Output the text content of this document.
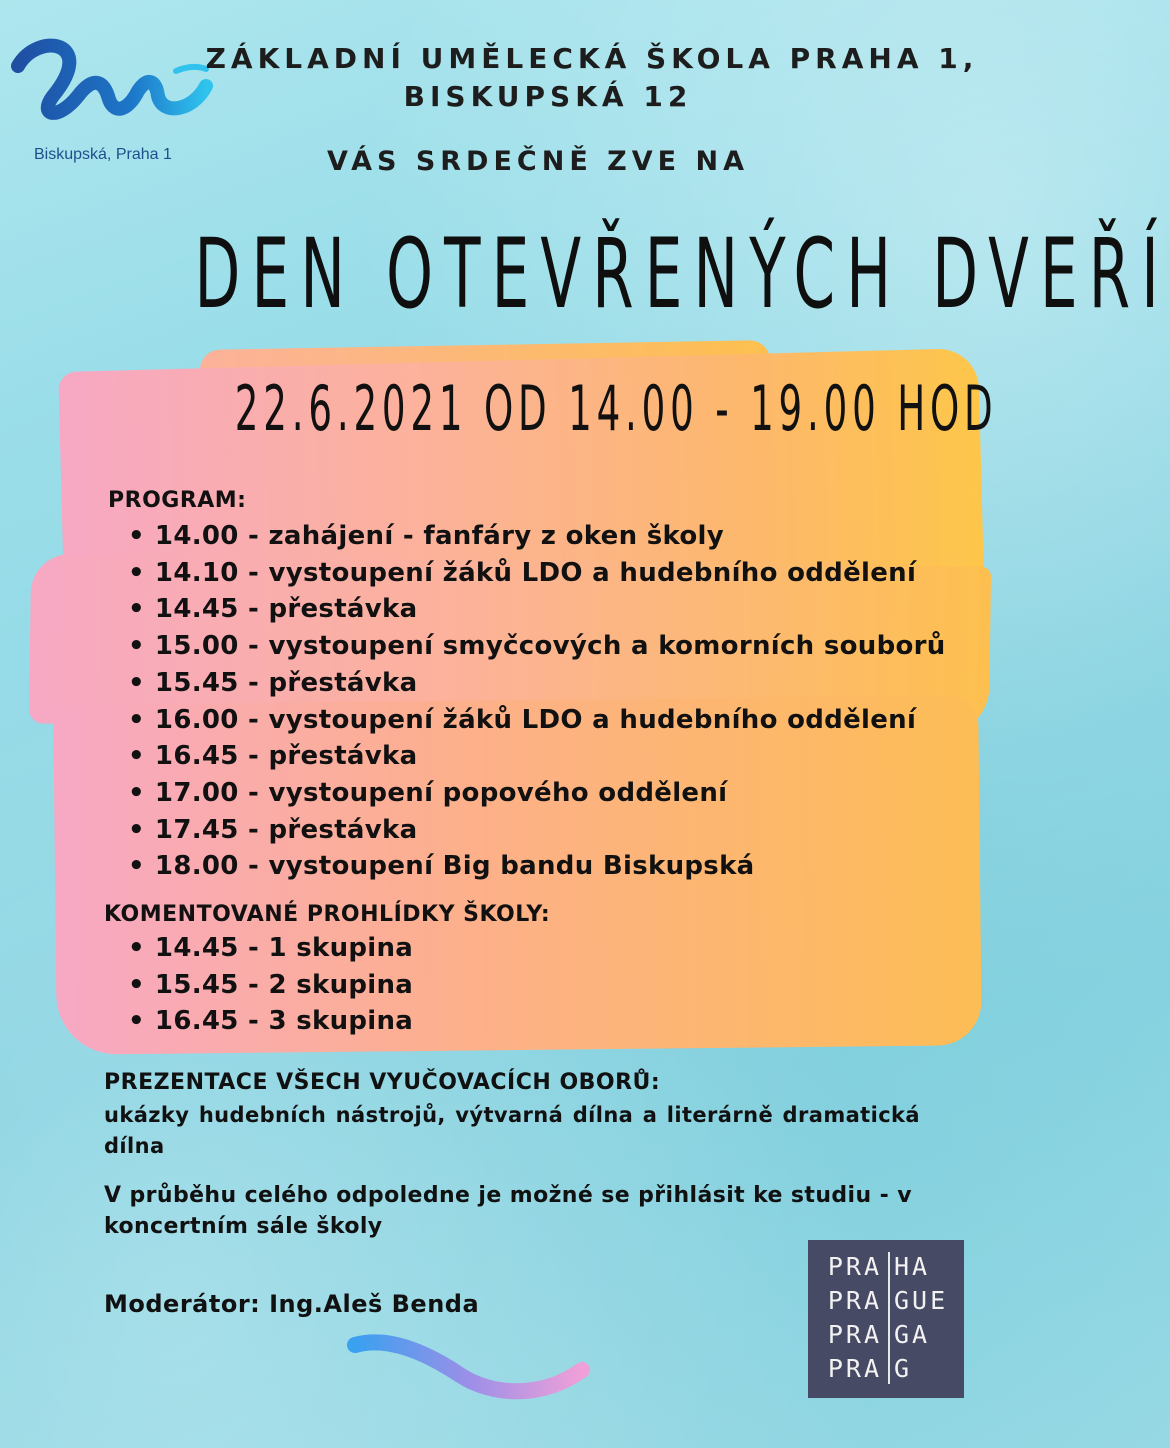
Biskupská, Praha 1
ZÁKLADNÍ UMĚLECKÁ ŠKOLA PRAHA 1,
BISKUPSKÁ 12
VÁS SRDEČNĚ ZVE NA
DEN OTEVŘENÝCH DVEŘÍ
22.6.2021 OD 14.00 - 19.00 HOD
PROGRAM:
• 14.00 - zahájení - fanfáry z oken školy
• 14.10 - vystoupení žáků LDO a hudebního oddělení
• 14.45 - přestávka
• 15.00 - vystoupení smyčcových a komorních souborů
• 15.45 - přestávka
• 16.00 - vystoupení žáků LDO a hudebního oddělení
• 16.45 - přestávka
• 17.00 - vystoupení popového oddělení
• 17.45 - přestávka
• 18.00 - vystoupení Big bandu Biskupská
KOMENTOVANÉ PROHLÍDKY ŠKOLY:
• 14.45 - 1 skupina
• 15.45 - 2 skupina
• 16.45 - 3 skupina
PREZENTACE VŠECH VYUČOVACÍCH OBORŮ:
ukázky hudebních nástrojů, výtvarná dílna a literárně dramatická dílna
V průběhu celého odpoledne je možné se přihlásit ke studiu - v koncertním sále školy
Moderátor: Ing.Aleš Benda
PRA
PRA
PRA
PRA
HA
GUE
GA
G
